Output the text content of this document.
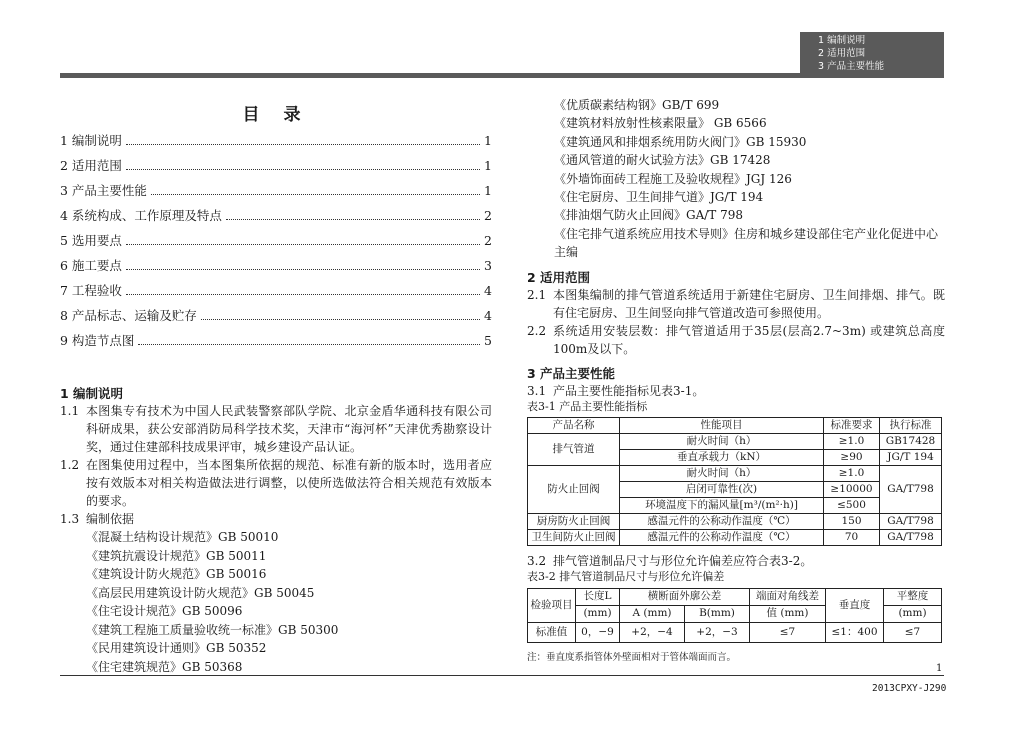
1 编制说明
2 适用范围
3 产品主要性能
目 录
1 编制说明	1
2 适用范围	1
3 产品主要性能	1
4 系统构成、工作原理及特点	2
5 选用要点	2
6 施工要点	3
7 工程验收	4
8 产品标志、运输及贮存	4
9 构造节点图	5
1 编制说明
1.1 本图集专有技术为中国人民武装警察部队学院、北京金盾华通科技有限公司科研成果，获公安部消防局科学技术奖，天津市“海河杯”天津优秀勘察设计奖，通过住建部科技成果评审，城乡建设产品认证。
1.2 在图集使用过程中，当本图集所依据的规范、标准有新的版本时，选用者应按有效版本对相关构造做法进行调整，以使所选做法符合相关规范有效版本的要求。
1.3 编制依据
《混凝土结构设计规范》GB 50010
《建筑抗震设计规范》GB 50011
《建筑设计防火规范》GB 50016
《高层民用建筑设计防火规范》GB 50045
《住宅设计规范》GB 50096
《建筑工程施工质量验收统一标准》GB 50300
《民用建筑设计通则》GB 50352
《住宅建筑规范》GB 50368
《优质碳素结构钢》GB/T 699
《建筑材料放射性核素限量》 GB 6566
《建筑通风和排烟系统用防火阀门》GB 15930
《通风管道的耐火试验方法》GB 17428
《外墙饰面砖工程施工及验收规程》JGJ 126
《住宅厨房、卫生间排气道》JG/T 194
《排油烟气防火止回阀》GA/T 798
《住宅排气道系统应用技术导则》住房和城乡建设部住宅产业化促进中心主编
2 适用范围
2.1 本图集编制的排气管道系统适用于新建住宅厨房、卫生间排烟、排气。既有住宅厨房、卫生间竖向排气管道改造可参照使用。
2.2 系统适用安装层数：排气管道适用于35层(层高2.7~3m) 或建筑总高度100m及以下。
3 产品主要性能
3.1 产品主要性能指标见表3-1。
表3-1 产品主要性能指标
产品名称	性能项目	标准要求	执行标准
排气管道	耐火时间（h）	≥1.0	GB17428
	垂直承载力（kN）	≥90	JG/T 194
防火止回阀	耐火时间（h）	≥1.0	GA/T798
	启闭可靠性(次)	≥10000	
	环境温度下的漏风量[m³/(m²·h)]	≤500	
厨房防火止回阀	感温元件的公称动作温度（℃）	150	GA/T798
卫生间防火止回阀	感温元件的公称动作温度（℃）	70	GA/T798
3.2 排气管道制品尺寸与形位允许偏差应符合表3-2。
表3-2 排气管道制品尺寸与形位允许偏差
检验项目	长度L	横断面外廓公差		端面对角线差	垂直度	平整度
	(mm)	A (mm)	B(mm)	值 (mm)		(mm)
标准值	0，−9	+2，−4	+2，−3	≤7	≤1：400	≤7
注：垂直度系指管体外壁面相对于管体端面而言。
1
2013CPXY-J290
